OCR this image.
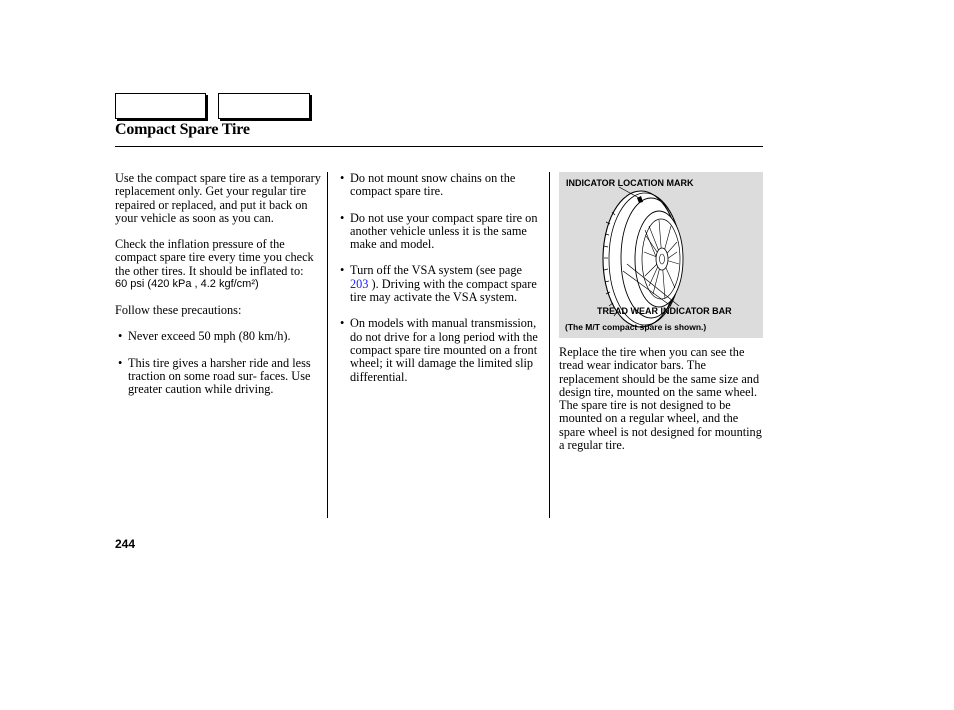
Compact Spare Tire

Use the compact spare tire as a temporary replacement only. Get your regular tire repaired or replaced, and put it back on your vehicle as soon as you can.

Check the inflation pressure of the compact spare tire every time you check the other tires. It should be inflated to:

60 psi (420 kPa , 4.2 kgf/cm²)

Follow these precautions:

• Never exceed 50 mph (80 km/h).
• This tire gives a harsher ride and less traction on some road sur- faces. Use greater caution while driving.
• Do not mount snow chains on the compact spare tire.
• Do not use your compact spare tire on another vehicle unless it is the same make and model.
• Turn off the VSA system (see page 203 ). Driving with the compact spare tire may activate the VSA system.
• On models with manual transmission, do not drive for a long period with the compact spare tire mounted on a front wheel; it will damage the limited slip differential.
INDICATOR LOCATION MARK
TREAD WEAR INDICATOR BAR
(The M/T compact spare is shown.)

Replace the tire when you can see the tread wear indicator bars. The replacement should be the same size and design tire, mounted on the same wheel. The spare tire is not designed to be mounted on a regular wheel, and the spare wheel is not designed for mounting a regular tire.

244
